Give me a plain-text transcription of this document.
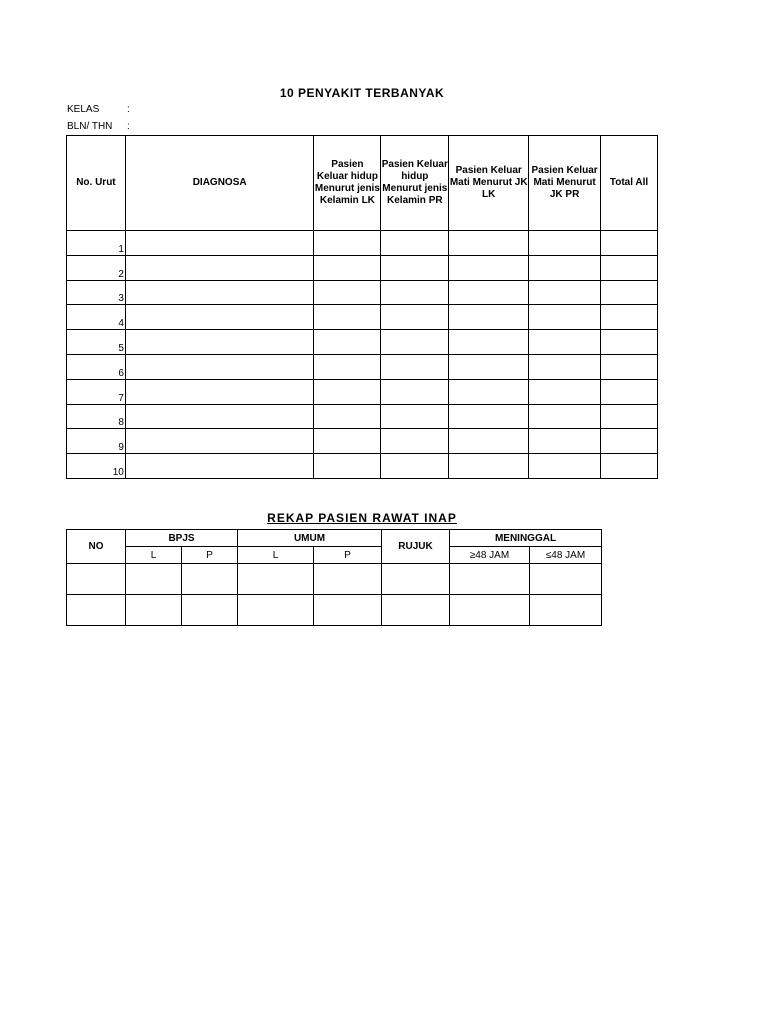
10 PENYAKIT TERBANYAK
KELAS	:
BLN/ THN :
No. Urut	DIAGNOSA	Pasien Keluar hidup Menurut jenis Kelamin LK	Pasien Keluar hidup Menurut jenis Kelamin PR	Pasien Keluar Mati Menurut JK LK	Pasien Keluar Mati Menurut JK PR	Total All
1						
2						
3						
4						
5						
6						
7						
8						
9						
10						
REKAP PASIEN RAWAT INAP
NO	BPJS		UMUM		RUJUK	MENINGGAL	
	L	P	L	P		≥48 JAM	≤48 JAM
